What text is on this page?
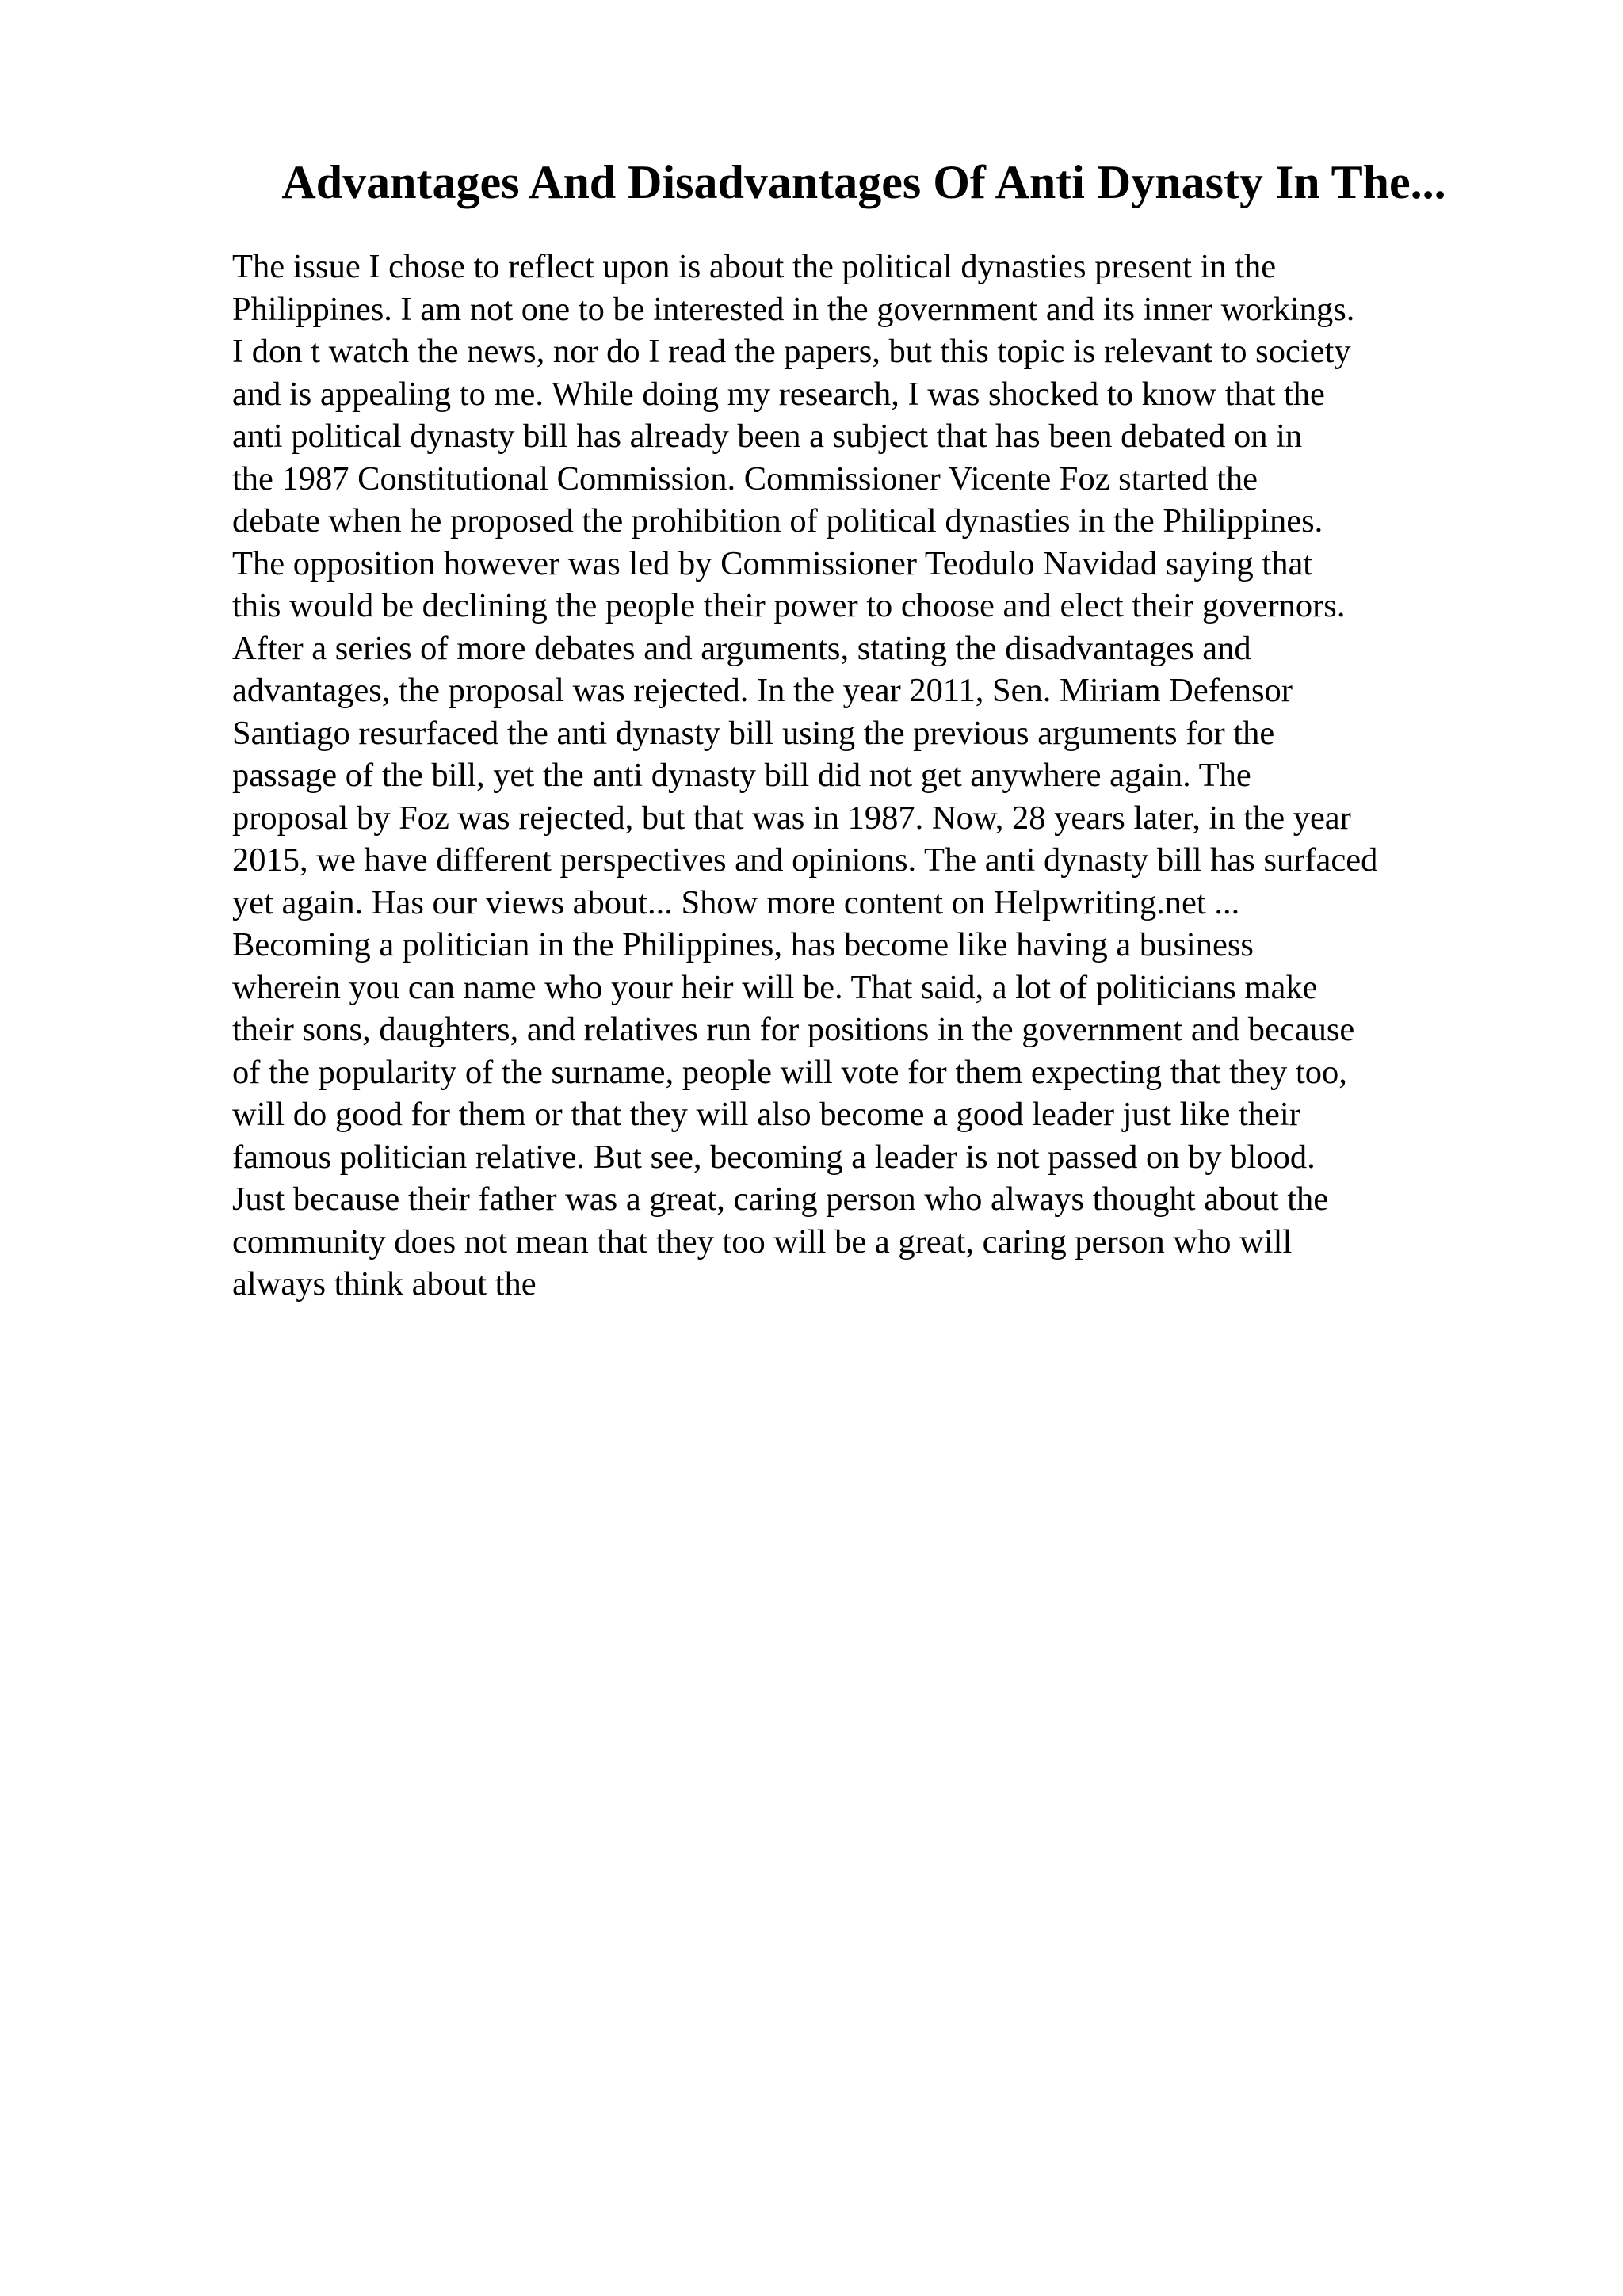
Advantages And Disadvantages Of Anti Dynasty In The...
The issue I chose to reflect upon is about the political dynasties present in the
Philippines. I am not one to be interested in the government and its inner workings.
I don t watch the news, nor do I read the papers, but this topic is relevant to society
and is appealing to me. While doing my research, I was shocked to know that the
anti political dynasty bill has already been a subject that has been debated on in
the 1987 Constitutional Commission. Commissioner Vicente Foz started the
debate when he proposed the prohibition of political dynasties in the Philippines.
The opposition however was led by Commissioner Teodulo Navidad saying that
this would be declining the people their power to choose and elect their governors.
After a series of more debates and arguments, stating the disadvantages and
advantages, the proposal was rejected. In the year 2011, Sen. Miriam Defensor
Santiago resurfaced the anti dynasty bill using the previous arguments for the
passage of the bill, yet the anti dynasty bill did not get anywhere again. The
proposal by Foz was rejected, but that was in 1987. Now, 28 years later, in the year
2015, we have different perspectives and opinions. The anti dynasty bill has surfaced
yet again. Has our views about... Show more content on Helpwriting.net ...
Becoming a politician in the Philippines, has become like having a business
wherein you can name who your heir will be. That said, a lot of politicians make
their sons, daughters, and relatives run for positions in the government and because
of the popularity of the surname, people will vote for them expecting that they too,
will do good for them or that they will also become a good leader just like their
famous politician relative. But see, becoming a leader is not passed on by blood.
Just because their father was a great, caring person who always thought about the
community does not mean that they too will be a great, caring person who will
always think about the
